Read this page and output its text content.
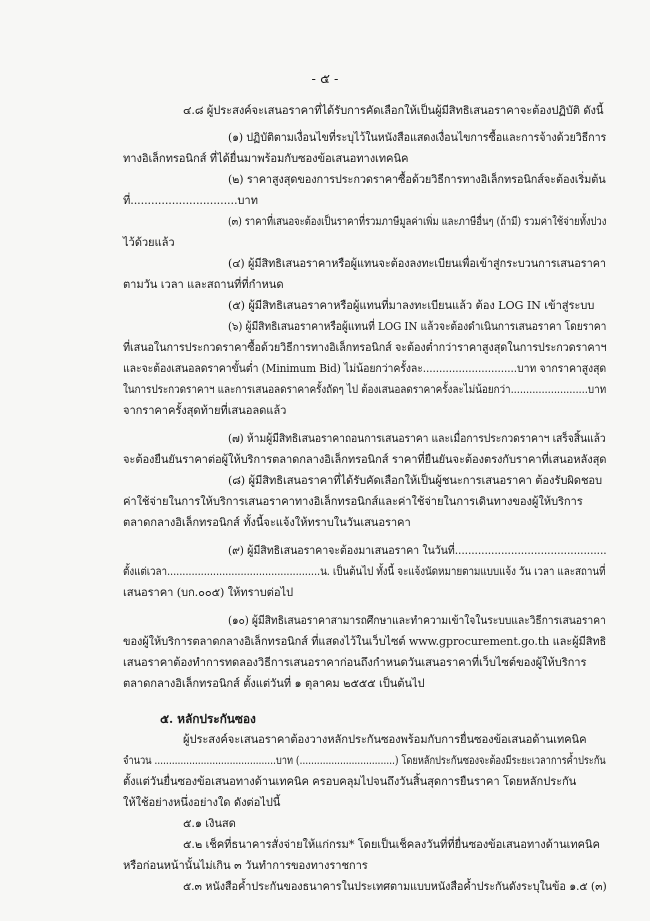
- ๕ -
๔.๘ ผู้ประสงค์จะเสนอราคาที่ได้รับการคัดเลือกให้เป็นผู้มีสิทธิเสนอราคาจะต้องปฏิบัติ ดังนี้
(๑) ปฏิบัติตามเงื่อนไขที่ระบุไว้ในหนังสือแสดงเงื่อนไขการซื้อและการจ้างด้วยวิธีการ
ทางอิเล็กทรอนิกส์ ที่ได้ยื่นมาพร้อมกับซองข้อเสนอทางเทคนิค
(๒) ราคาสูงสุดของการประกวดราคาซื้อด้วยวิธีการทางอิเล็กทรอนิกส์จะต้องเริ่มต้น
ที่...............................บาท
(๓) ราคาที่เสนอจะต้องเป็นราคาที่รวมภาษีมูลค่าเพิ่ม และภาษีอื่นๆ (ถ้ามี) รวมค่าใช้จ่ายทั้งปวง
ไว้ด้วยแล้ว
(๔) ผู้มีสิทธิเสนอราคาหรือผู้แทนจะต้องลงทะเบียนเพื่อเข้าสู่กระบวนการเสนอราคา
ตามวัน เวลา และสถานที่ที่กำหนด
(๕) ผู้มีสิทธิเสนอราคาหรือผู้แทนที่มาลงทะเบียนแล้ว ต้อง LOG IN เข้าสู่ระบบ
(๖) ผู้มีสิทธิเสนอราคาหรือผู้แทนที่ LOG IN แล้วจะต้องดำเนินการเสนอราคา โดยราคา
ที่เสนอในการประกวดราคาซื้อด้วยวิธีการทางอิเล็กทรอนิกส์ จะต้องต่ำกว่าราคาสูงสุดในการประกวดราคาฯ
และจะต้องเสนอลดราคาขั้นต่ำ (Minimum Bid) ไม่น้อยกว่าครั้งละ.............................บาท จากราคาสูงสุด
ในการประกวดราคาฯ และการเสนอลดราคาครั้งถัดๆ ไป ต้องเสนอลดราคาครั้งละไม่น้อยกว่า.........................บาท
จากราคาครั้งสุดท้ายที่เสนอลดแล้ว
(๗) ห้ามผู้มีสิทธิเสนอราคาถอนการเสนอราคา และเมื่อการประกวดราคาฯ เสร็จสิ้นแล้ว
จะต้องยืนยันราคาต่อผู้ให้บริการตลาดกลางอิเล็กทรอนิกส์ ราคาที่ยืนยันจะต้องตรงกับราคาที่เสนอหลังสุด
(๘) ผู้มีสิทธิเสนอราคาที่ได้รับคัดเลือกให้เป็นผู้ชนะการเสนอราคา ต้องรับผิดชอบ
ค่าใช้จ่ายในการให้บริการเสนอราคาทางอิเล็กทรอนิกส์และค่าใช้จ่ายในการเดินทางของผู้ให้บริการ
ตลาดกลางอิเล็กทรอนิกส์ ทั้งนี้จะแจ้งให้ทราบในวันเสนอราคา
(๙) ผู้มีสิทธิเสนอราคาจะต้องมาเสนอราคา ในวันที่..............................................
ตั้งแต่เวลา..................................................น. เป็นต้นไป ทั้งนี้ จะแจ้งนัดหมายตามแบบแจ้ง วัน เวลา และสถานที่
เสนอราคา (บก.๐๐๕) ให้ทราบต่อไป
(๑๐) ผู้มีสิทธิเสนอราคาสามารถศึกษาและทำความเข้าใจในระบบและวิธีการเสนอราคา
ของผู้ให้บริการตลาดกลางอิเล็กทรอนิกส์ ที่แสดงไว้ในเว็บไซต์ www.gprocurement.go.th และผู้มีสิทธิ
เสนอราคาต้องทำการทดลองวิธีการเสนอราคาก่อนถึงกำหนดวันเสนอราคาที่เว็บไซต์ของผู้ให้บริการ
ตลาดกลางอิเล็กทรอนิกส์ ตั้งแต่วันที่ ๑ ตุลาคม ๒๕๕๕ เป็นต้นไป
๕. หลักประกันซอง
ผู้ประสงค์จะเสนอราคาต้องวางหลักประกันซองพร้อมกับการยื่นซองข้อเสนอด้านเทคนิค
จำนวน ..........................................บาท (.................................) โดยหลักประกันซองจะต้องมีระยะเวลาการค้ำประกัน
ตั้งแต่วันยื่นซองข้อเสนอทางด้านเทคนิค ครอบคลุมไปจนถึงวันสิ้นสุดการยืนราคา โดยหลักประกัน
ให้ใช้อย่างหนึ่งอย่างใด ดังต่อไปนี้
๕.๑ เงินสด
๕.๒ เช็คที่ธนาคารสั่งจ่ายให้แก่กรม* โดยเป็นเช็คลงวันที่ที่ยื่นซองข้อเสนอทางด้านเทคนิค
หรือก่อนหน้านั้นไม่เกิน ๓ วันทำการของทางราชการ
๕.๓ หนังสือค้ำประกันของธนาคารในประเทศตามแบบหนังสือค้ำประกันดังระบุในข้อ ๑.๕ (๓)
